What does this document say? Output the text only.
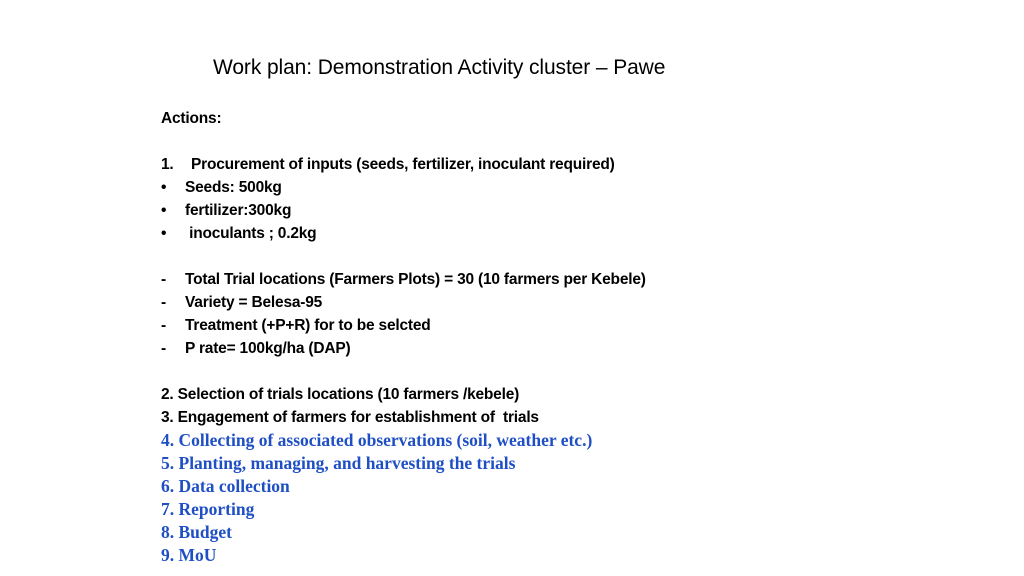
Work plan: Demonstration Activity cluster – Pawe
Actions:
1. Procurement of inputs (seeds, fertilizer, inoculant required)
• Seeds: 500kg
• fertilizer:300kg
• inoculants ; 0.2kg
- Total Trial locations (Farmers Plots) = 30 (10 farmers per Kebele)
- Variety = Belesa-95
- Treatment (+P+R) for to be selcted
- P rate= 100kg/ha (DAP)
2. Selection of trials locations (10 farmers /kebele)
3. Engagement of farmers for establishment of  trials
4. Collecting of associated observations (soil, weather etc.)
5. Planting, managing, and harvesting the trials
6. Data collection
7. Reporting
8. Budget
9. MoU
